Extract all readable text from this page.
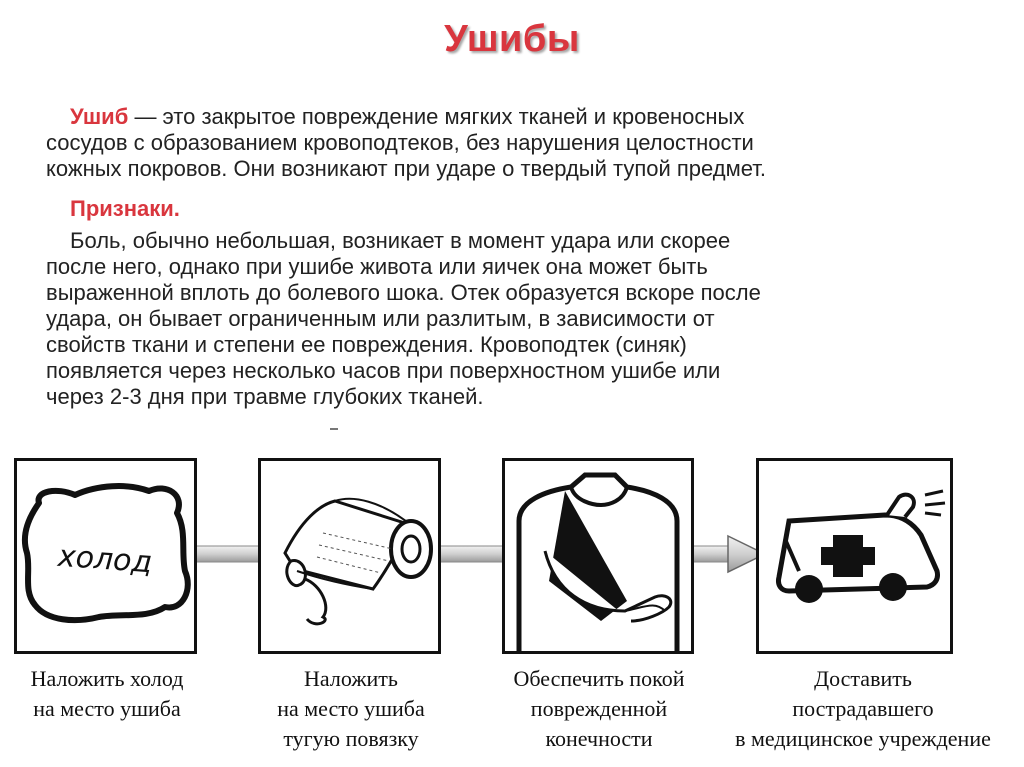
Ушибы
Ушиб — это закрытое повреждение мягких тканей и кровеносных
сосудов с образованием кровоподтеков, без нарушения целостности
кожных покровов. Они возникают при ударе о твердый тупой предмет.
Признаки.
Боль, обычно небольшая, возникает в момент удара или скорее
после него, однако при ушибе живота или яичек она может быть
выраженной вплоть до болевого шока. Отек образуется вскоре после
удара, он бывает ограниченным или разлитым, в зависимости от
свойств ткани и степени ее повреждения. Кровоподтек (синяк)
появляется через несколько часов при поверхностном ушибе или
через 2-3 дня при травме глубоких тканей.
холод
Наложить холод
на место ушиба
Наложить
на место ушиба
тугую повязку
Обеспечить покой
поврежденной
конечности
Доставить
пострадавшего
в медицинское учреждение
